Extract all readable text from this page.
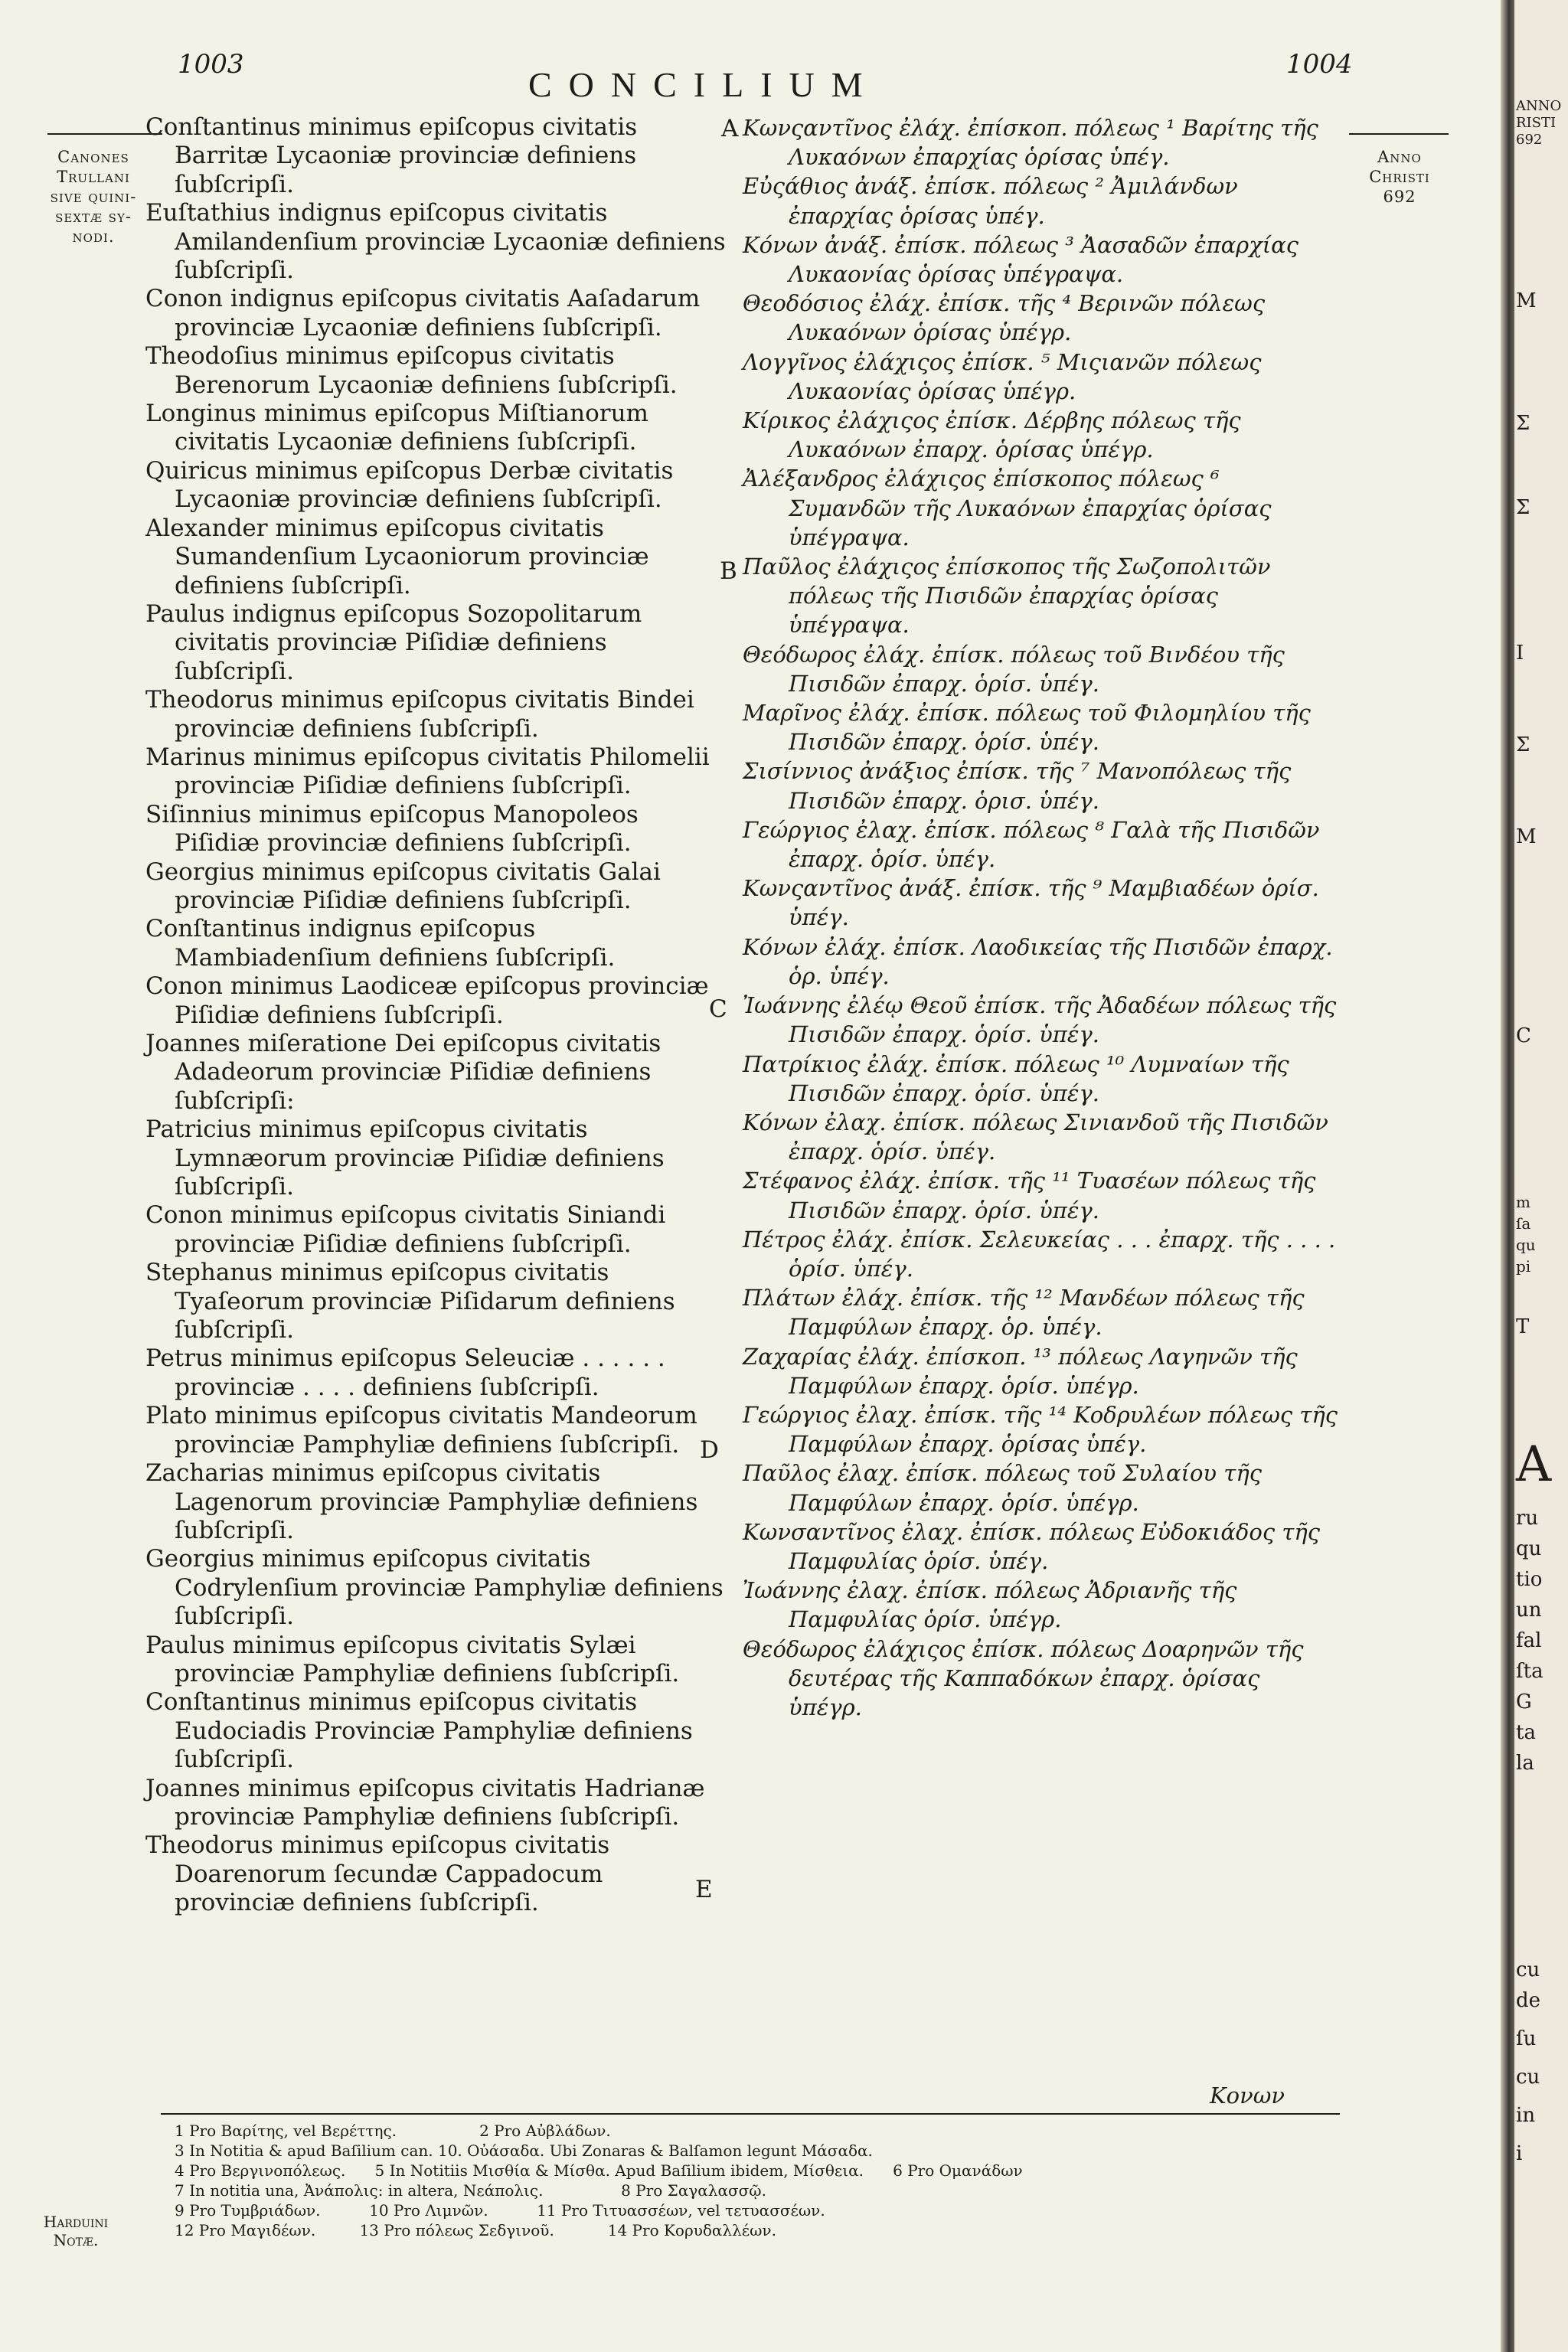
1003
CONCILIUM
1004
Canones
Trullani
sive quini-
sextæ sy-
nodi.
Anno
Christi
692

Conſtantinus minimus epiſcopus civitatis Barritæ Lycaoniæ provinciæ definiens ſubſcripſi.

Euſtathius indignus epiſcopus civitatis Amilandenſium provinciæ Lycaoniæ definiens ſubſcripſi.

Conon indignus epiſcopus civitatis Aaſadarum provinciæ Lycaoniæ definiens ſubſcripſi.

Theodoſius minimus epiſcopus civitatis Berenorum Lycaoniæ definiens ſubſcripſi.

Longinus minimus epiſcopus Miſtianorum civitatis Lycaoniæ definiens ſubſcripſi.

Quiricus minimus epiſcopus Derbæ civitatis Lycaoniæ provinciæ definiens ſubſcripſi.

Alexander minimus epiſcopus civitatis Sumandenſium Lycaoniorum provinciæ definiens ſubſcripſi.

Paulus indignus epiſcopus Sozopolitarum civitatis provinciæ Piſidiæ definiens ſubſcripſi.

Theodorus minimus epiſcopus civitatis Bindei provinciæ definiens ſubſcripſi.

Marinus minimus epiſcopus civitatis Philomelii provinciæ Piſidiæ definiens ſubſcripſi.

Siſinnius minimus epiſcopus Manopoleos Piſidiæ provinciæ definiens ſubſcripſi.

Georgius minimus epiſcopus civitatis Galai provinciæ Piſidiæ definiens ſubſcripſi.

Conſtantinus indignus epiſcopus Mambiadenſium definiens ſubſcripſi.

Conon minimus Laodiceæ epiſcopus provinciæ Piſidiæ definiens ſubſcripſi.

Joannes miſeratione Dei epiſcopus civitatis Adadeorum provinciæ Piſidiæ definiens ſubſcripſi:

Patricius minimus epiſcopus civitatis Lymnæorum provinciæ Piſidiæ definiens ſubſcripſi.

Conon minimus epiſcopus civitatis Siniandi provinciæ Piſidiæ definiens ſubſcripſi.

Stephanus minimus epiſcopus civitatis Tyaſeorum provinciæ Piſidarum definiens ſubſcripſi.

Petrus minimus epiſcopus Seleuciæ . . . . . . provinciæ . . . . definiens ſubſcripſi.

Plato minimus epiſcopus civitatis Mandeorum provinciæ Pamphyliæ definiens ſubſcripſi.

Zacharias minimus epiſcopus civitatis Lagenorum provinciæ Pamphyliæ definiens ſubſcripſi.

Georgius minimus epiſcopus civitatis Codrylenſium provinciæ Pamphyliæ definiens ſubſcripſi.

Paulus minimus epiſcopus civitatis Sylæi provinciæ Pamphyliæ definiens ſubſcripſi.

Conſtantinus minimus epiſcopus civitatis Eudociadis Provinciæ Pamphyliæ definiens ſubſcripſi.

Joannes minimus epiſcopus civitatis Hadrianæ provinciæ Pamphyliæ definiens ſubſcripſi.

Theodorus minimus epiſcopus civitatis Doarenorum ſecundæ Cappadocum provinciæ definiens ſubſcripſi.

A
B
C
D
E

Κωνςαντῖνος ἐλάχ. ἐπίσκοπ. πόλεως ¹ Βαρίτης τῆς Λυκαόνων ἐπαρχίας ὁρίσας ὑπέγ.

Εὐςάθιος ἀνάξ. ἐπίσκ. πόλεως ² Ἀμιλάνδων ἐπαρχίας ὁρίσας ὑπέγ.

Κόνων ἀνάξ. ἐπίσκ. πόλεως ³ Ἀασαδῶν ἐπαρχίας Λυκαονίας ὁρίσας ὑπέγραψα.

Θεοδόσιος ἐλάχ. ἐπίσκ. τῆς ⁴ Βερινῶν πόλεως Λυκαόνων ὁρίσας ὑπέγρ.

Λογγῖνος ἐλάχιςος ἐπίσκ. ⁵ Μιςιανῶν πόλεως Λυκαονίας ὁρίσας ὑπέγρ.

Κίρικος ἐλάχιςος ἐπίσκ. Δέρβης πόλεως τῆς Λυκαόνων ἐπαρχ. ὁρίσας ὑπέγρ.

Ἀλέξανδρος ἐλάχιςος ἐπίσκοπος πόλεως ⁶ Συμανδῶν τῆς Λυκαόνων ἐπαρχίας ὁρίσας ὑπέγραψα.

Παῦλος ἐλάχιςος ἐπίσκοπος τῆς Σωζοπολιτῶν πόλεως τῆς Πισιδῶν ἐπαρχίας ὁρίσας ὑπέγραψα.

Θεόδωρος ἐλάχ. ἐπίσκ. πόλεως τοῦ Βινδέου τῆς Πισιδῶν ἐπαρχ. ὁρίσ. ὑπέγ.

Μαρῖνος ἐλάχ. ἐπίσκ. πόλεως τοῦ Φιλομηλίου τῆς Πισιδῶν ἐπαρχ. ὁρίσ. ὑπέγ.

Σισίννιος ἀνάξιος ἐπίσκ. τῆς ⁷ Μανοπόλεως τῆς Πισιδῶν ἐπαρχ. ὁρισ. ὑπέγ.

Γεώργιος ἐλαχ. ἐπίσκ. πόλεως ⁸ Γαλὰ τῆς Πισιδῶν ἐπαρχ. ὁρίσ. ὑπέγ.

Κωνςαντῖνος ἀνάξ. ἐπίσκ. τῆς ⁹ Μαμβιαδέων ὁρίσ. ὑπέγ.

Κόνων ἐλάχ. ἐπίσκ. Λαοδικείας τῆς Πισιδῶν ἐπαρχ. ὁρ. ὑπέγ.

Ἰωάννης ἐλέῳ Θεοῦ ἐπίσκ. τῆς Ἀδαδέων πόλεως τῆς Πισιδῶν ἐπαρχ. ὁρίσ. ὑπέγ.

Πατρίκιος ἐλάχ. ἐπίσκ. πόλεως ¹⁰ Λυμναίων τῆς Πισιδῶν ἐπαρχ. ὁρίσ. ὑπέγ.

Κόνων ἐλαχ. ἐπίσκ. πόλεως Σινιανδοῦ τῆς Πισιδῶν ἐπαρχ. ὁρίσ. ὑπέγ.

Στέφανος ἐλάχ. ἐπίσκ. τῆς ¹¹ Τυασέων πόλεως τῆς Πισιδῶν ἐπαρχ. ὁρίσ. ὑπέγ.

Πέτρος ἐλάχ. ἐπίσκ. Σελευκείας . . . ἐπαρχ. τῆς . . . . ὁρίσ. ὑπέγ.

Πλάτων ἐλάχ. ἐπίσκ. τῆς ¹² Μανδέων πόλεως τῆς Παμφύλων ἐπαρχ. ὁρ. ὑπέγ.

Ζαχαρίας ἐλάχ. ἐπίσκοπ. ¹³ πόλεως Λαγηνῶν τῆς Παμφύλων ἐπαρχ. ὁρίσ. ὑπέγρ.

Γεώργιος ἐλαχ. ἐπίσκ. τῆς ¹⁴ Κοδρυλέων πόλεως τῆς Παμφύλων ἐπαρχ. ὁρίσας ὑπέγ.

Παῦλος ἐλαχ. ἐπίσκ. πόλεως τοῦ Συλαίου τῆς Παμφύλων ἐπαρχ. ὁρίσ. ὑπέγρ.

Κωνσαντῖνος ἐλαχ. ἐπίσκ. πόλεως Εὐδοκιάδος τῆς Παμφυλίας ὁρίσ. ὑπέγ.

Ἰωάννης ἐλαχ. ἐπίσκ. πόλεως Ἀδριανῆς τῆς Παμφυλίας ὁρίσ. ὑπέγρ.

Θεόδωρος ἐλάχιςος ἐπίσκ. πόλεως Δοαρηνῶν τῆς δευτέρας τῆς Καππαδόκων ἐπαρχ. ὁρίσας ὑπέγρ.

Κονων
1 Pro Βαρίτης, vel Βερέττης.                 2 Pro Αὐβλάδων.
3 In Notitia & apud Baſilium can. 10. Οὐάσαδα. Ubi Zonaras & Balſamon legunt Μάσαδα.
4 Pro Βεργινοπόλεως.      5 In Notitiis Μισθία & Μίσθα. Apud Baſilium ibidem, Μίσθεια.      6 Pro Ομανάδων
7 In notitia una, Ἀνάπολις: in altera, Νεάπολις.                8 Pro Σαγαλασσῷ.
9 Pro Τυμβριάδων.          10 Pro Λιμνῶν.          11 Pro Τιτυασσέων, vel τετυασσέων.
12 Pro Μαγιδέων.         13 Pro πόλεως Σεδγινοῦ.           14 Pro Κορυδαλλέων.
Harduini
Notæ.
ANNO
RISTI
692
M
Σ
Σ
I
Σ
M
C
m
ſa
qu
pi
T
A
ru
qu
tio
un
fal
ſta
G
ta
la
cu
de
ſu
cu
in
i
